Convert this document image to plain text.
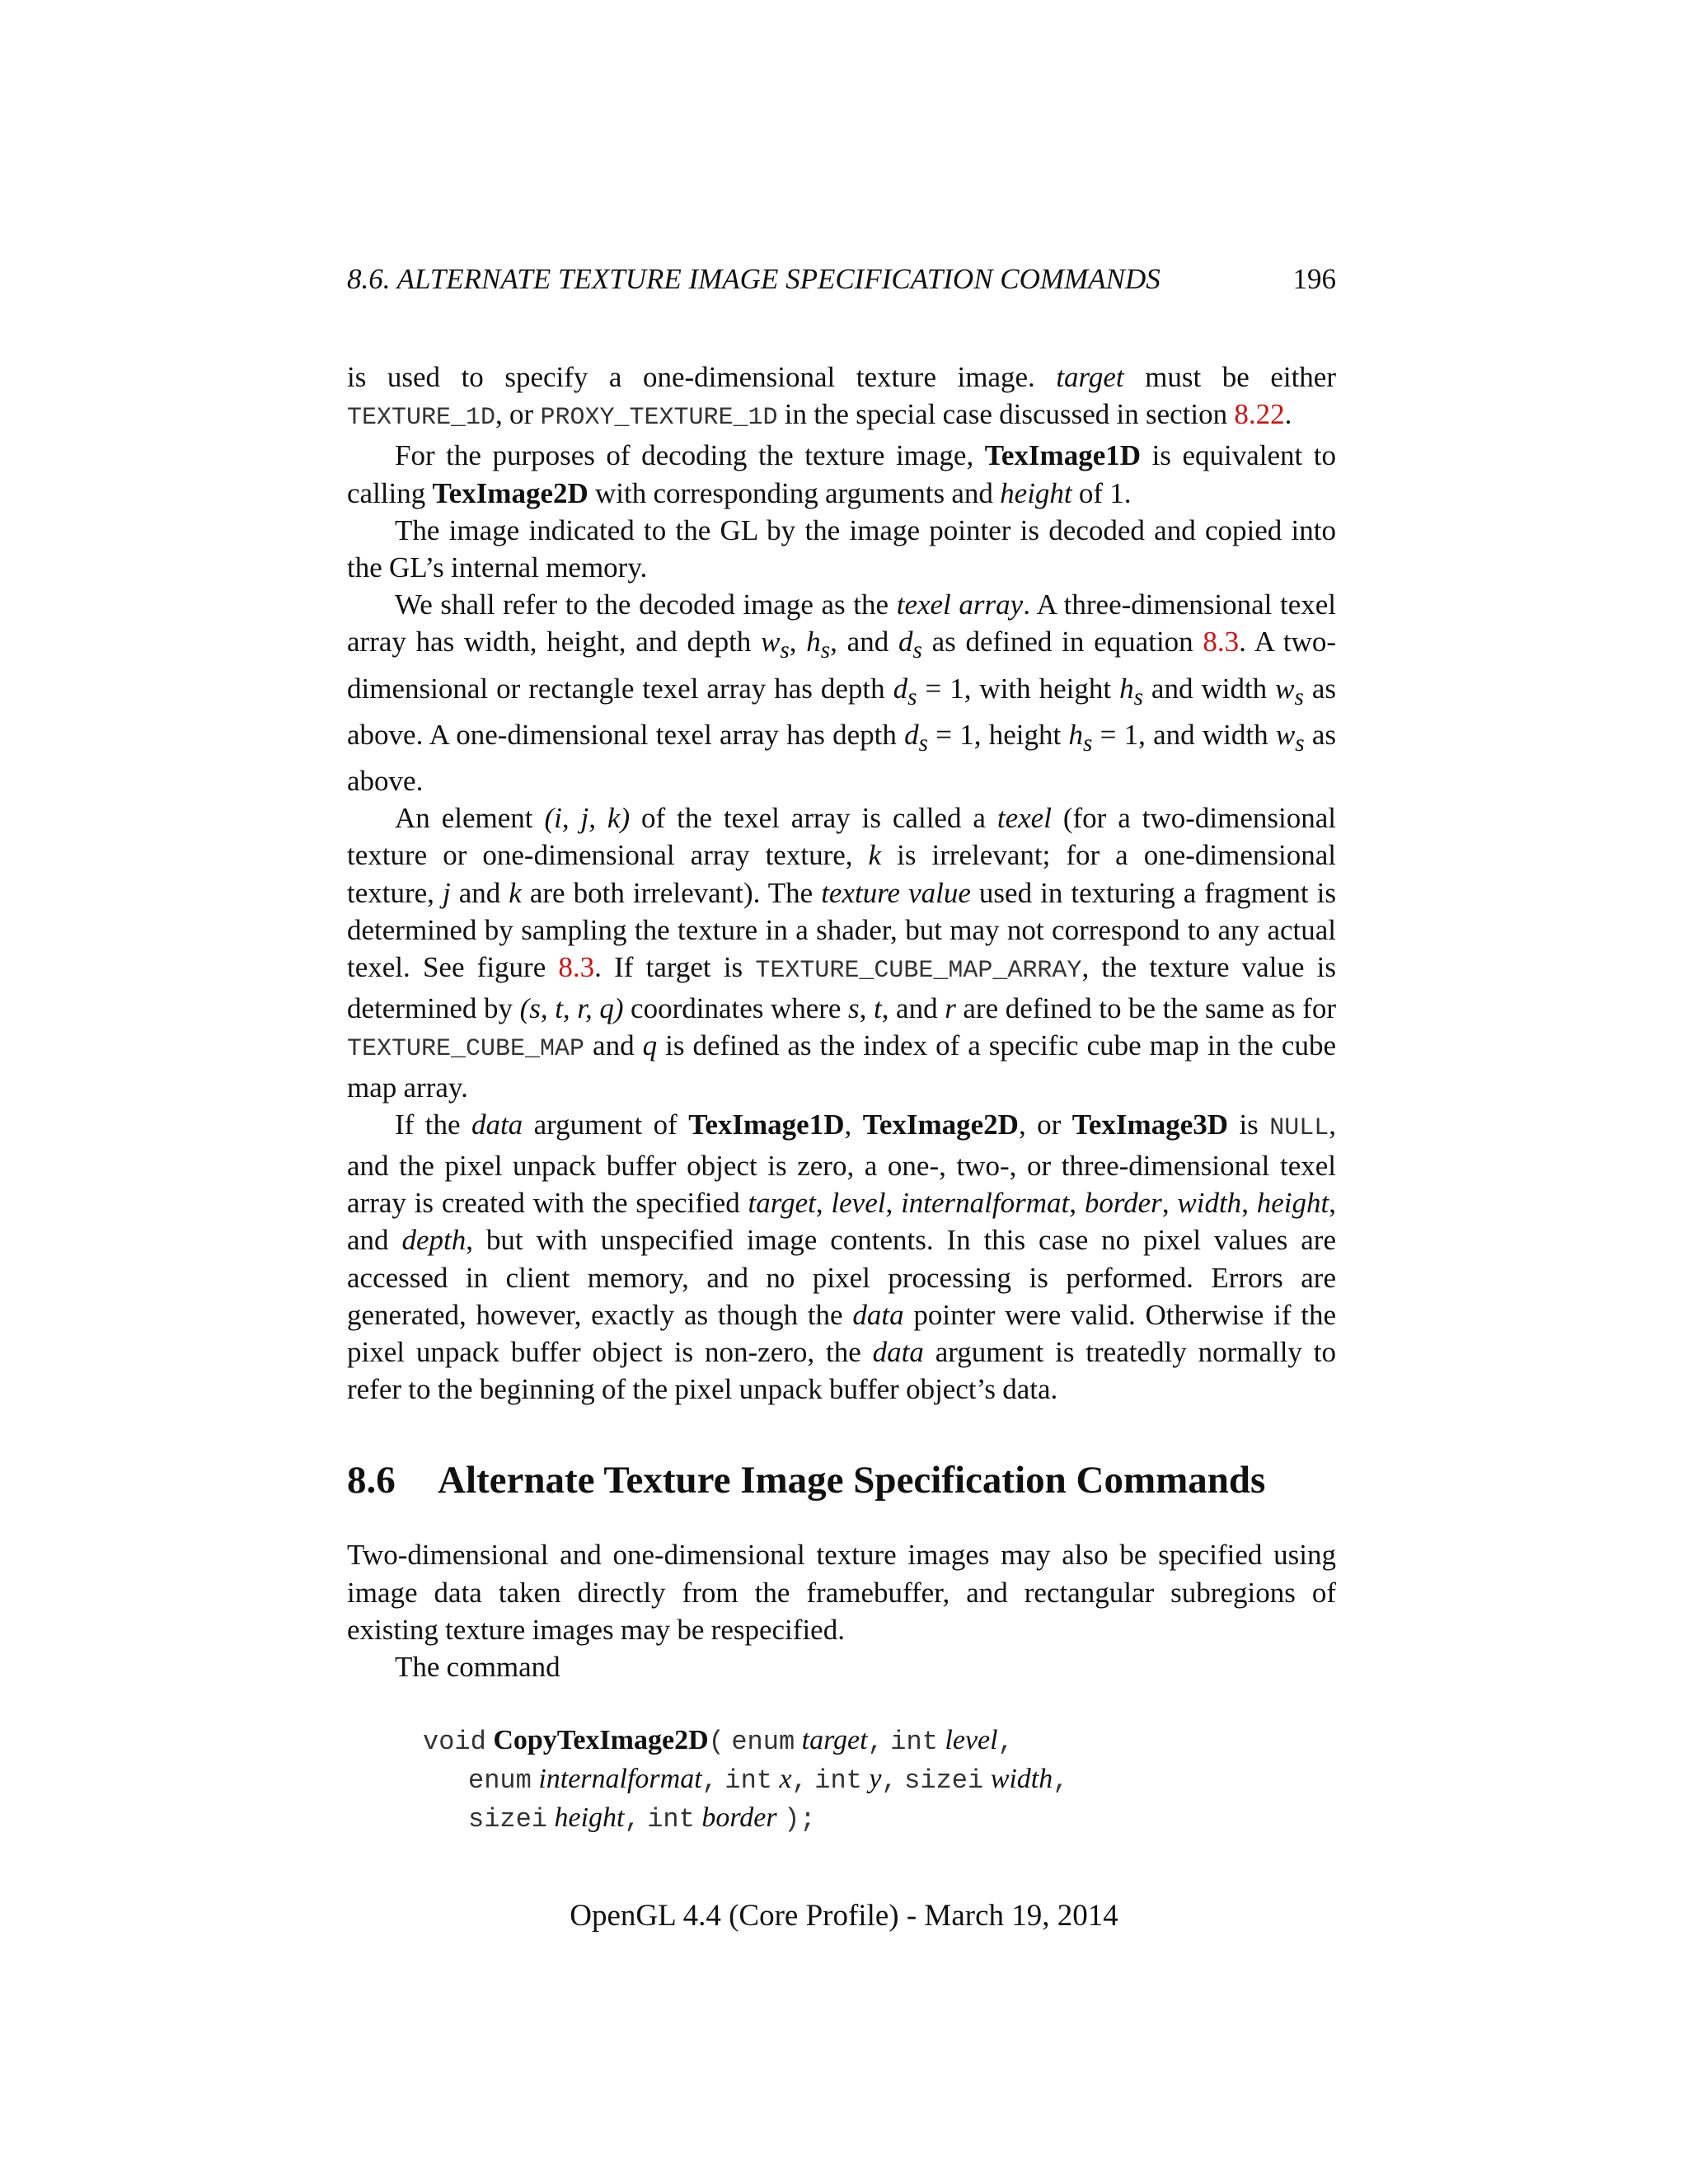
8.6. ALTERNATE TEXTURE IMAGE SPECIFICATION COMMANDS	196

is used to specify a one-dimensional texture image. target must be either TEXTURE_1D, or PROXY_TEXTURE_1D in the special case discussed in section 8.22.

For the purposes of decoding the texture image, TexImage1D is equivalent to calling TexImage2D with corresponding arguments and height of 1.

The image indicated to the GL by the image pointer is decoded and copied into the GL’s internal memory.

We shall refer to the decoded image as the texel array. A three-dimensional texel array has width, height, and depth $w_s$, $h_s$, and $d_s$ as defined in equation 8.3. A two-dimensional or rectangle texel array has depth $d_s = 1$, with height $h_s$ and width $w_s$ as above. A one-dimensional texel array has depth $d_s = 1$, height $h_s = 1$, and width $w_s$ as above.

An element (i, j, k) of the texel array is called a texel (for a two-dimensional texture or one-dimensional array texture, k is irrelevant; for a one-dimensional texture, j and k are both irrelevant). The texture value used in texturing a fragment is determined by sampling the texture in a shader, but may not correspond to any actual texel. See figure 8.3. If target is TEXTURE_CUBE_MAP_ARRAY, the texture value is determined by (s, t, r, q) coordinates where s, t, and r are defined to be the same as for TEXTURE_CUBE_MAP and q is defined as the index of a specific cube map in the cube map array.

If the data argument of TexImage1D, TexImage2D, or TexImage3D is NULL, and the pixel unpack buffer object is zero, a one-, two-, or three-dimensional texel array is created with the specified target, level, internalformat, border, width, height, and depth, but with unspecified image contents. In this case no pixel values are accessed in client memory, and no pixel processing is performed. Errors are generated, however, exactly as though the data pointer were valid. Otherwise if the pixel unpack buffer object is non-zero, the data argument is treatedly normally to refer to the beginning of the pixel unpack buffer object’s data.

8.6 Alternate Texture Image Specification Commands

Two-dimensional and one-dimensional texture images may also be specified using image data taken directly from the framebuffer, and rectangular subregions of existing texture images may be respecified.

The command

void CopyTexImage2D( enum target, int level,
enum internalformat, int x, int y, sizei width,
sizei height, int border );
OpenGL 4.4 (Core Profile) - March 19, 2014
